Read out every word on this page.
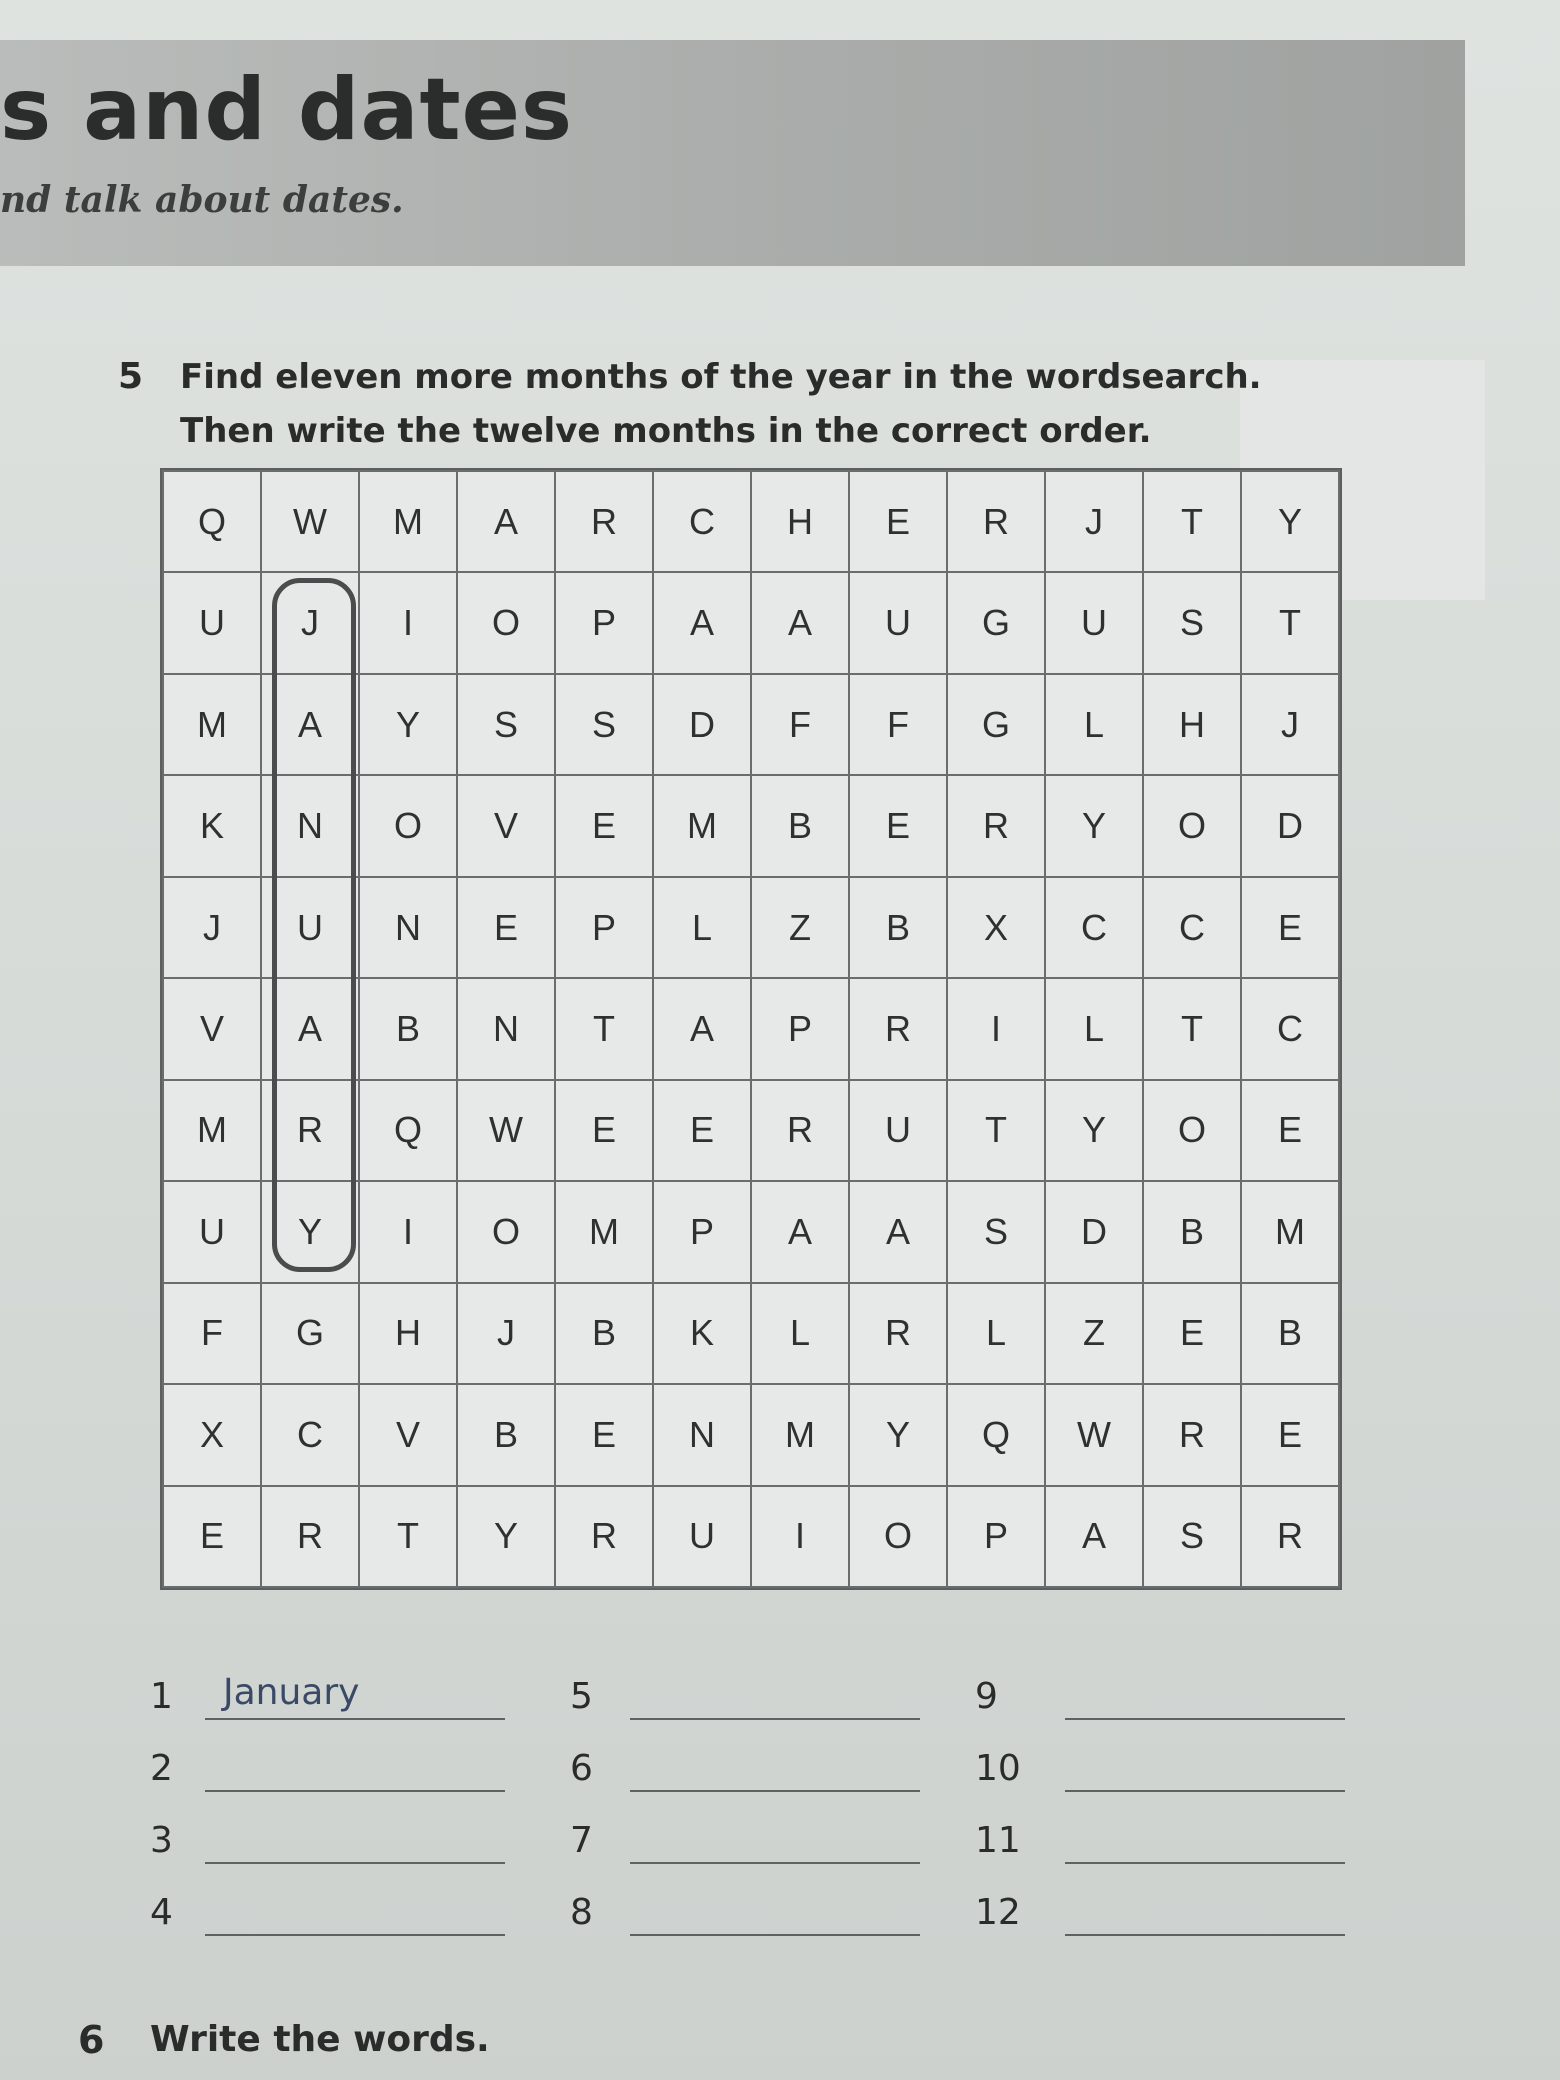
s and dates
nd talk about dates.
5 Find eleven more months of the year in the wordsearch.
Then write the twelve months in the correct order.
Q	W	M	A	R	C	H	E	R	J	T	Y
U	J	I	O	P	A	A	U	G	U	S	T
M	A	Y	S	S	D	F	F	G	L	H	J
K	N	O	V	E	M	B	E	R	Y	O	D
J	U	N	E	P	L	Z	B	X	C	C	E
V	A	B	N	T	A	P	R	I	L	T	C
M	R	Q	W	E	E	R	U	T	Y	O	E
U	Y	I	O	M	P	A	A	S	D	B	M
F	G	H	J	B	K	L	R	L	Z	E	B
X	C	V	B	E	N	M	Y	Q	W	R	E
E	R	T	Y	R	U	I	O	P	A	S	R
1 January
2
3
4
5
6
7
8
9
10
11
12
6 Write the words.
